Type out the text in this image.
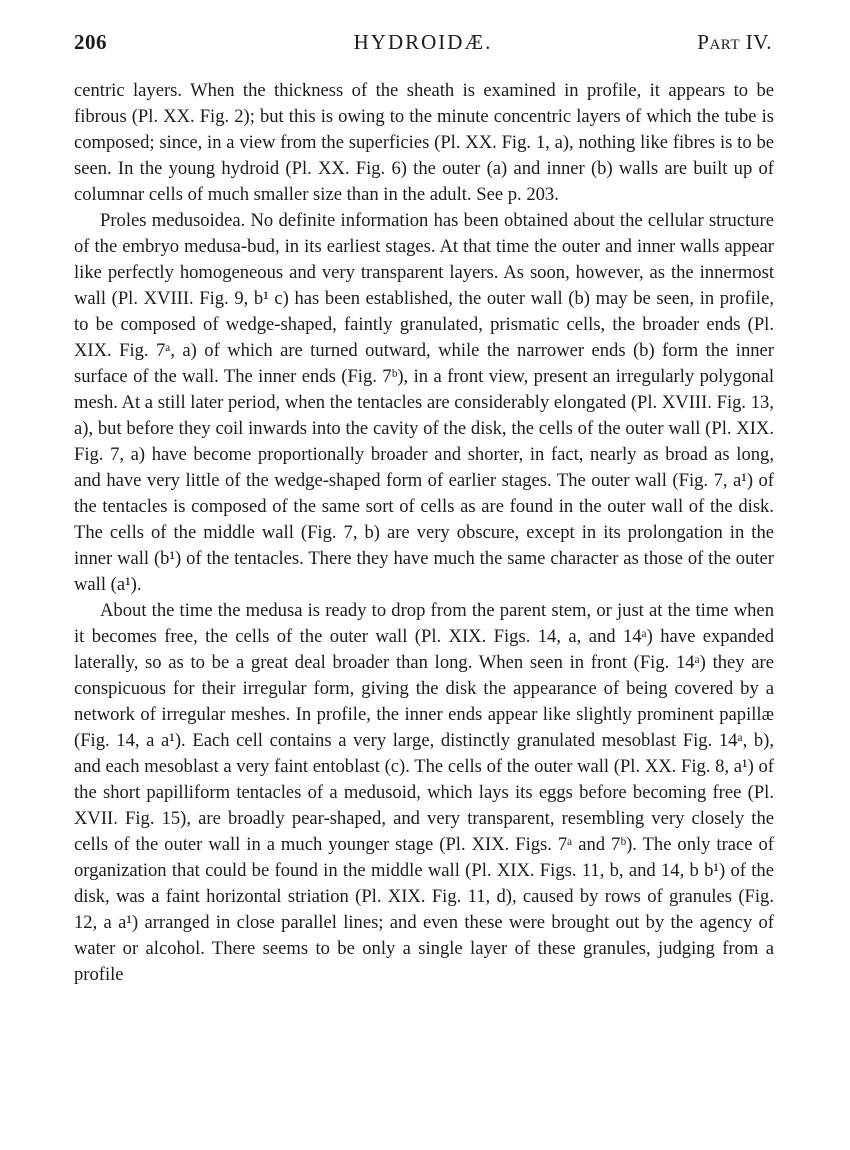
206	HYDROIDÆ.	Part IV.

centric layers. When the thickness of the sheath is examined in profile, it appears to be fibrous (Pl. XX. Fig. 2); but this is owing to the minute concentric layers of which the tube is composed; since, in a view from the superficies (Pl. XX. Fig. 1, a), nothing like fibres is to be seen. In the young hydroid (Pl. XX. Fig. 6) the outer (a) and inner (b) walls are built up of columnar cells of much smaller size than in the adult. See p. 203.

Proles medusoidea. No definite information has been obtained about the cellular structure of the embryo medusa-bud, in its earliest stages. At that time the outer and inner walls appear like perfectly homogeneous and very transparent layers. As soon, however, as the innermost wall (Pl. XVIII. Fig. 9, b¹ c) has been established, the outer wall (b) may be seen, in profile, to be composed of wedge-shaped, faintly granulated, prismatic cells, the broader ends (Pl. XIX. Fig. 7ᵃ, a) of which are turned outward, while the narrower ends (b) form the inner surface of the wall. The inner ends (Fig. 7ᵇ), in a front view, present an irregularly polygonal mesh. At a still later period, when the tentacles are considerably elongated (Pl. XVIII. Fig. 13, a), but before they coil inwards into the cavity of the disk, the cells of the outer wall (Pl. XIX. Fig. 7, a) have become proportionally broader and shorter, in fact, nearly as broad as long, and have very little of the wedge-shaped form of earlier stages. The outer wall (Fig. 7, a¹) of the tentacles is composed of the same sort of cells as are found in the outer wall of the disk. The cells of the middle wall (Fig. 7, b) are very obscure, except in its prolongation in the inner wall (b¹) of the tentacles. There they have much the same character as those of the outer wall (a¹).

About the time the medusa is ready to drop from the parent stem, or just at the time when it becomes free, the cells of the outer wall (Pl. XIX. Figs. 14, a, and 14ᵃ) have expanded laterally, so as to be a great deal broader than long. When seen in front (Fig. 14ᵃ) they are conspicuous for their irregular form, giving the disk the appearance of being covered by a network of irregular meshes. In profile, the inner ends appear like slightly prominent papillæ (Fig. 14, a a¹). Each cell contains a very large, distinctly granulated mesoblast Fig. 14ᵃ, b), and each mesoblast a very faint entoblast (c). The cells of the outer wall (Pl. XX. Fig. 8, a¹) of the short papilliform tentacles of a medusoid, which lays its eggs before becoming free (Pl. XVII. Fig. 15), are broadly pear-shaped, and very transparent, resembling very closely the cells of the outer wall in a much younger stage (Pl. XIX. Figs. 7ᵃ and 7ᵇ). The only trace of organization that could be found in the middle wall (Pl. XIX. Figs. 11, b, and 14, b b¹) of the disk, was a faint horizontal striation (Pl. XIX. Fig. 11, d), caused by rows of granules (Fig. 12, a a¹) arranged in close parallel lines; and even these were brought out by the agency of water or alcohol. There seems to be only a single layer of these granules, judging from a profile
